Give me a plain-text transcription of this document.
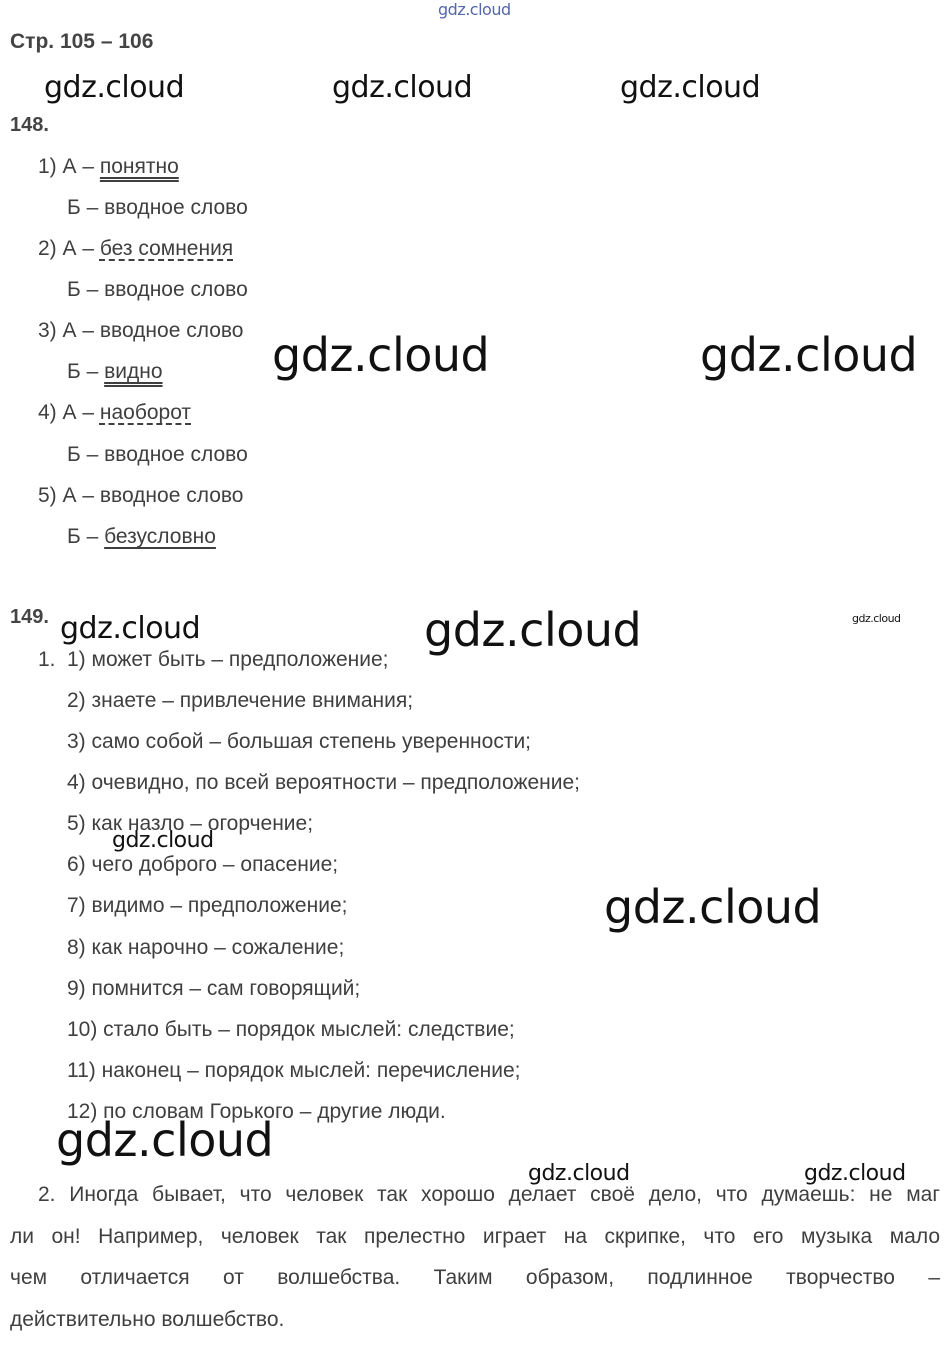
gdz.cloud
Стр. 105 – 106
gdz.cloud	gdz.cloud	gdz.cloud
148.
1) А – понятно
Б – вводное слово
2) А – без сомнения
Б – вводное слово
3) А – вводное слово
Б – видно
4) А – наоборот
Б – вводное слово
5) А – вводное слово
Б – безусловно
gdz.cloud	gdz.cloud
149. gdz.cloud	gdz.cloud	gdz.cloud
1. 1) может быть – предположение;
2) знаете – привлечение внимания;
3) само собой – большая степень уверенности;
4) очевидно, по всей вероятности – предположение;
5) как назло – огорчение;
gdz.cloud
6) чего доброго – опасение;
7) видимо – предположение;	gdz.cloud
8) как нарочно – сожаление;
9) помнится – сам говорящий;
10) стало быть – порядок мыслей: следствие;
11) наконец – порядок мыслей: перечисление;
12) по словам Горького – другие люди.
gdz.cloud
gdz.cloud	gdz.cloud
2. Иногда бывает, что человек так хорошо делает своё дело, что думаешь: не маг
ли он! Например, человек так прелестно играет на скрипке, что его музыка мало
чем отличается от волшебства. Таким образом, подлинное творчество –
действительно волшебство.
